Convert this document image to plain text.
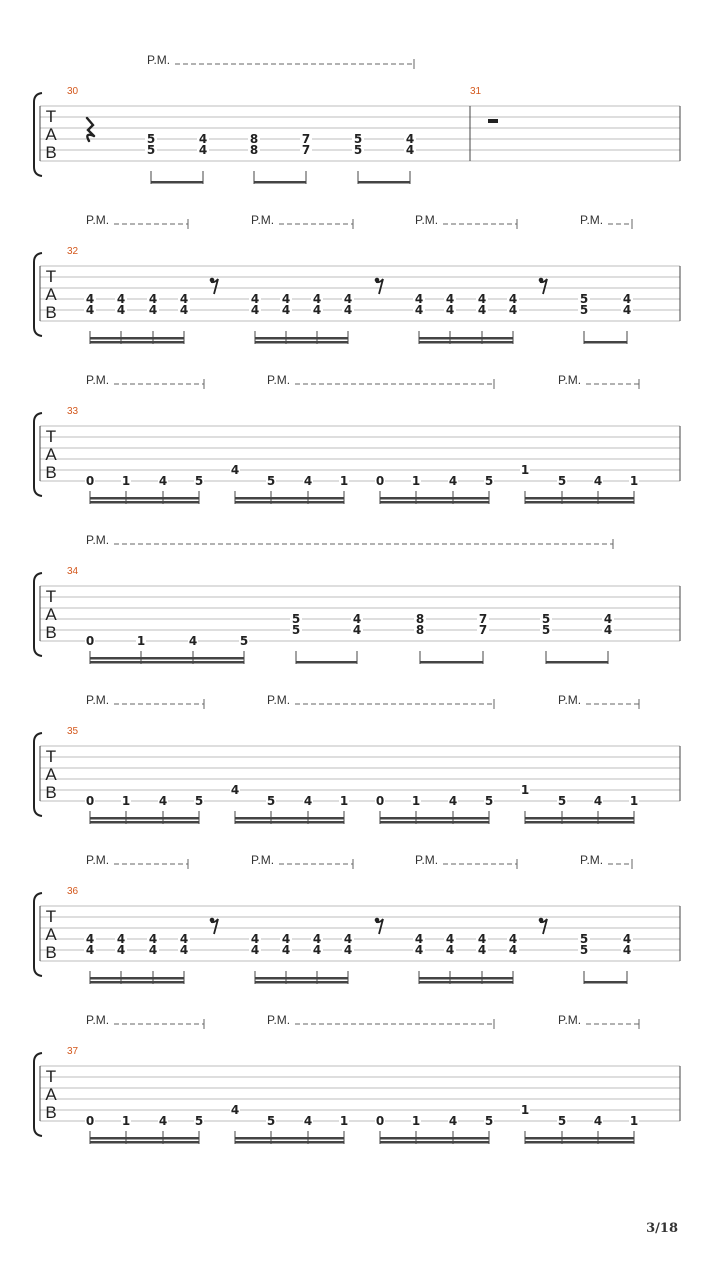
T
A
B
30	31
P.M.
5
5
4
4
8
8
7
7
5
5
4
4
T
A
B
32
P.M.	P.M.	P.M.	P.M.
4
4
4
4
4
4
4
4
4
4
4
4
4
4
4
4
4
4
4
4
4
4
4
4
5
5
4
4
T
A
B
33
P.M.	P.M.	P.M.
0 1 4 5
4
5 4 1 0 1 4 5
1
5 4 1
T
A
B
34
P.M.
0	1	4	5
5
5
4
4
8
8
7
7
5
5
4
4
T
A
B
35
P.M.	P.M.	P.M.
0 1 4 5
4
5 4 1 0 1 4 5
1
5 4 1
T
A
B
36
P.M.	P.M.	P.M.	P.M.
4
4
4
4
4
4
4
4
4
4
4
4
4
4
4
4
4
4
4
4
4
4
4
4
5
5
4
4
T
A
B
37
P.M.	P.M.	P.M.
0 1 4 5
4
5 4 1 0 1 4 5
1
5 4 1
3/18
